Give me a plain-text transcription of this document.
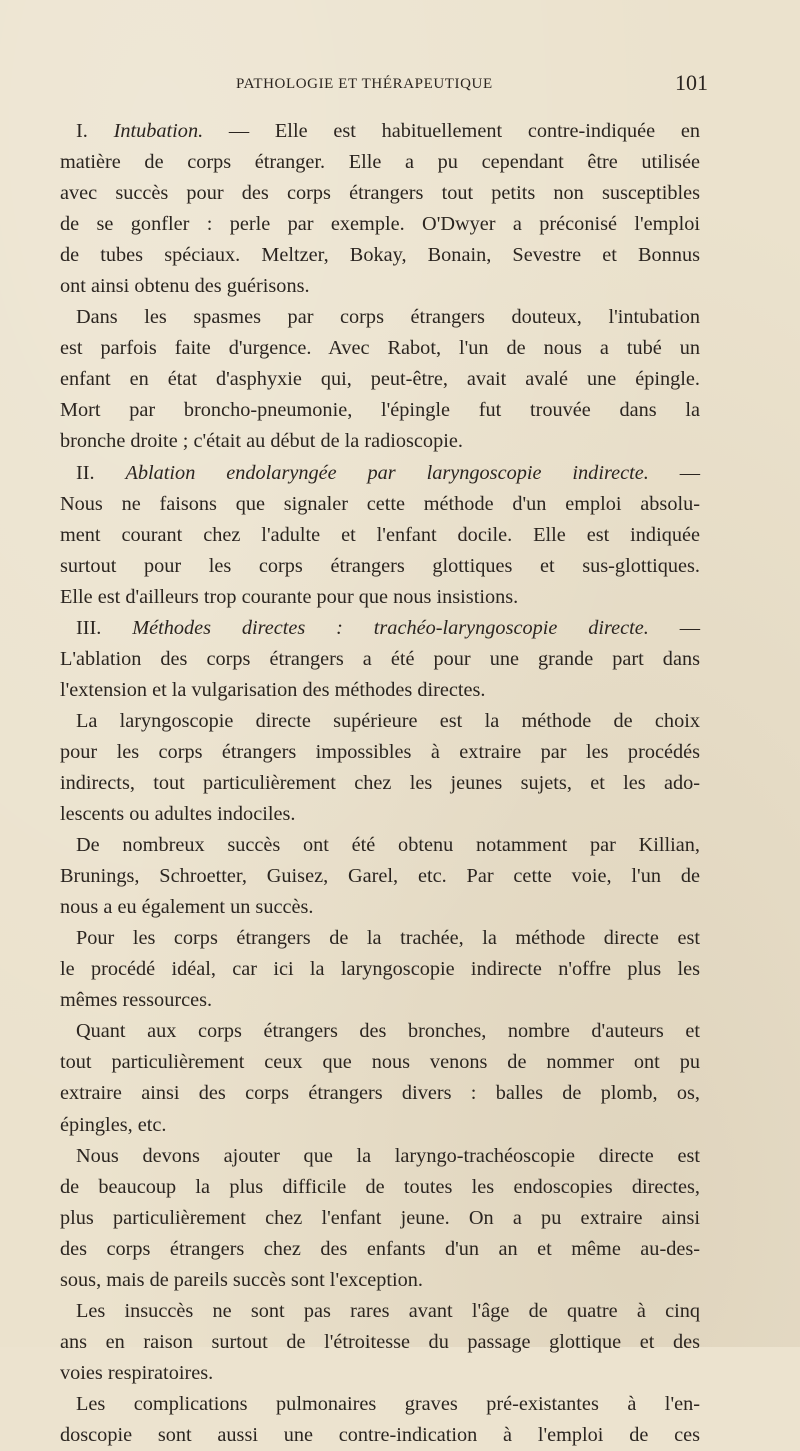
PATHOLOGIE ET THÉRAPEUTIQUE	101
I. Intubation. — Elle est habituellement contre-indiquée en
matière de corps étranger. Elle a pu cependant être utilisée
avec succès pour des corps étrangers tout petits non susceptibles
de se gonfler : perle par exemple. O'Dwyer a préconisé l'emploi
de tubes spéciaux. Meltzer, Bokay, Bonain, Sevestre et Bonnus
ont ainsi obtenu des guérisons.
Dans les spasmes par corps étrangers douteux, l'intubation
est parfois faite d'urgence. Avec Rabot, l'un de nous a tubé un
enfant en état d'asphyxie qui, peut-être, avait avalé une épingle.
Mort par broncho-pneumonie, l'épingle fut trouvée dans la
bronche droite ; c'était au début de la radioscopie.
II. Ablation endolaryngée par laryngoscopie indirecte. —
Nous ne faisons que signaler cette méthode d'un emploi absolu-
ment courant chez l'adulte et l'enfant docile. Elle est indiquée
surtout pour les corps étrangers glottiques et sus-glottiques.
Elle est d'ailleurs trop courante pour que nous insistions.
III. Méthodes directes : trachéo-laryngoscopie directe. —
L'ablation des corps étrangers a été pour une grande part dans
l'extension et la vulgarisation des méthodes directes.
La laryngoscopie directe supérieure est la méthode de choix
pour les corps étrangers impossibles à extraire par les procédés
indirects, tout particulièrement chez les jeunes sujets, et les ado-
lescents ou adultes indociles.
De nombreux succès ont été obtenu notamment par Killian,
Brunings, Schroetter, Guisez, Garel, etc. Par cette voie, l'un de
nous a eu également un succès.
Pour les corps étrangers de la trachée, la méthode directe est
le procédé idéal, car ici la laryngoscopie indirecte n'offre plus les
mêmes ressources.
Quant aux corps étrangers des bronches, nombre d'auteurs et
tout particulièrement ceux que nous venons de nommer ont pu
extraire ainsi des corps étrangers divers : balles de plomb, os,
épingles, etc.
Nous devons ajouter que la laryngo-trachéoscopie directe est
de beaucoup la plus difficile de toutes les endoscopies directes,
plus particulièrement chez l'enfant jeune. On a pu extraire ainsi
des corps étrangers chez des enfants d'un an et même au-des-
sous, mais de pareils succès sont l'exception.
Les insuccès ne sont pas rares avant l'âge de quatre à cinq
ans en raison surtout de l'étroitesse du passage glottique et des
voies respiratoires.
Les complications pulmonaires graves pré-existantes à l'en-
doscopie sont aussi une contre-indication à l'emploi de ces
